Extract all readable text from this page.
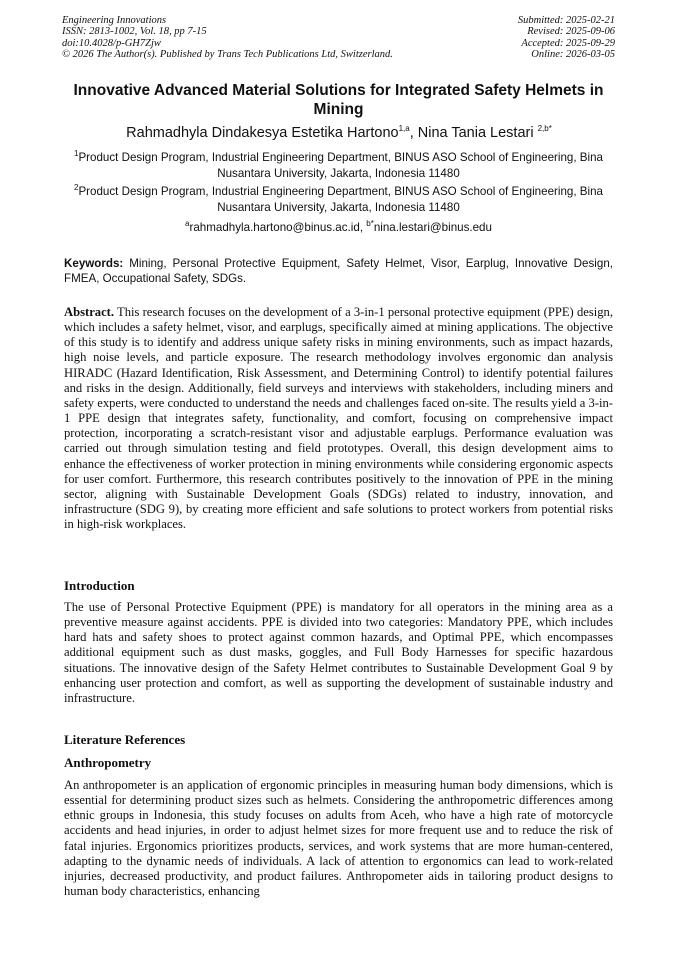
Engineering Innovations
ISSN: 2813-1002, Vol. 18, pp 7-15
doi:10.4028/p-GH7Zjw
© 2026 The Author(s). Published by Trans Tech Publications Ltd, Switzerland.
Submitted: 2025-02-21
Revised: 2025-09-06
Accepted: 2025-09-29
Online: 2026-03-05
Innovative Advanced Material Solutions for Integrated Safety Helmets in Mining
Rahmadhyla Dindakesya Estetika Hartono$^{1,a}$, Nina Tania Lestari $^{2,b*}$
$^1$Product Design Program, Industrial Engineering Department, BINUS ASO School of Engineering, Bina Nusantara University, Jakarta, Indonesia 11480
$^2$Product Design Program, Industrial Engineering Department, BINUS ASO School of Engineering, Bina Nusantara University, Jakarta, Indonesia 11480
$^a$rahmadhyla.hartono@binus.ac.id, $^{b*}$nina.lestari@binus.edu
Keywords: Mining, Personal Protective Equipment, Safety Helmet, Visor, Earplug, Innovative Design, FMEA, Occupational Safety, SDGs.
Abstract. This research focuses on the development of a 3-in-1 personal protective equipment (PPE) design, which includes a safety helmet, visor, and earplugs, specifically aimed at mining applications. The objective of this study is to identify and address unique safety risks in mining environments, such as impact hazards, high noise levels, and particle exposure. The research methodology involves ergonomic dan analysis HIRADC (Hazard Identification, Risk Assessment, and Determining Control) to identify potential failures and risks in the design. Additionally, field surveys and interviews with stakeholders, including miners and safety experts, were conducted to understand the needs and challenges faced on-site. The results yield a 3-in-1 PPE design that integrates safety, functionality, and comfort, focusing on comprehensive impact protection, incorporating a scratch-resistant visor and adjustable earplugs. Performance evaluation was carried out through simulation testing and field prototypes. Overall, this design development aims to enhance the effectiveness of worker protection in mining environments while considering ergonomic aspects for user comfort. Furthermore, this research contributes positively to the innovation of PPE in the mining sector, aligning with Sustainable Development Goals (SDGs) related to industry, innovation, and infrastructure (SDG 9), by creating more efficient and safe solutions to protect workers from potential risks in high-risk workplaces.
Introduction
The use of Personal Protective Equipment (PPE) is mandatory for all operators in the mining area as a preventive measure against accidents. PPE is divided into two categories: Mandatory PPE, which includes hard hats and safety shoes to protect against common hazards, and Optimal PPE, which encompasses additional equipment such as dust masks, goggles, and Full Body Harnesses for specific hazardous situations. The innovative design of the Safety Helmet contributes to Sustainable Development Goal 9 by enhancing user protection and comfort, as well as supporting the development of sustainable industry and infrastructure.
Literature References
Anthropometry
An anthropometer is an application of ergonomic principles in measuring human body dimensions, which is essential for determining product sizes such as helmets. Considering the anthropometric differences among ethnic groups in Indonesia, this study focuses on adults from Aceh, who have a high rate of motorcycle accidents and head injuries, in order to adjust helmet sizes for more frequent use and to reduce the risk of fatal injuries. Ergonomics prioritizes products, services, and work systems that are more human-centered, adapting to the dynamic needs of individuals. A lack of attention to ergonomics can lead to work-related injuries, decreased productivity, and product failures. Anthropometer aids in tailoring product designs to human body characteristics, enhancing
